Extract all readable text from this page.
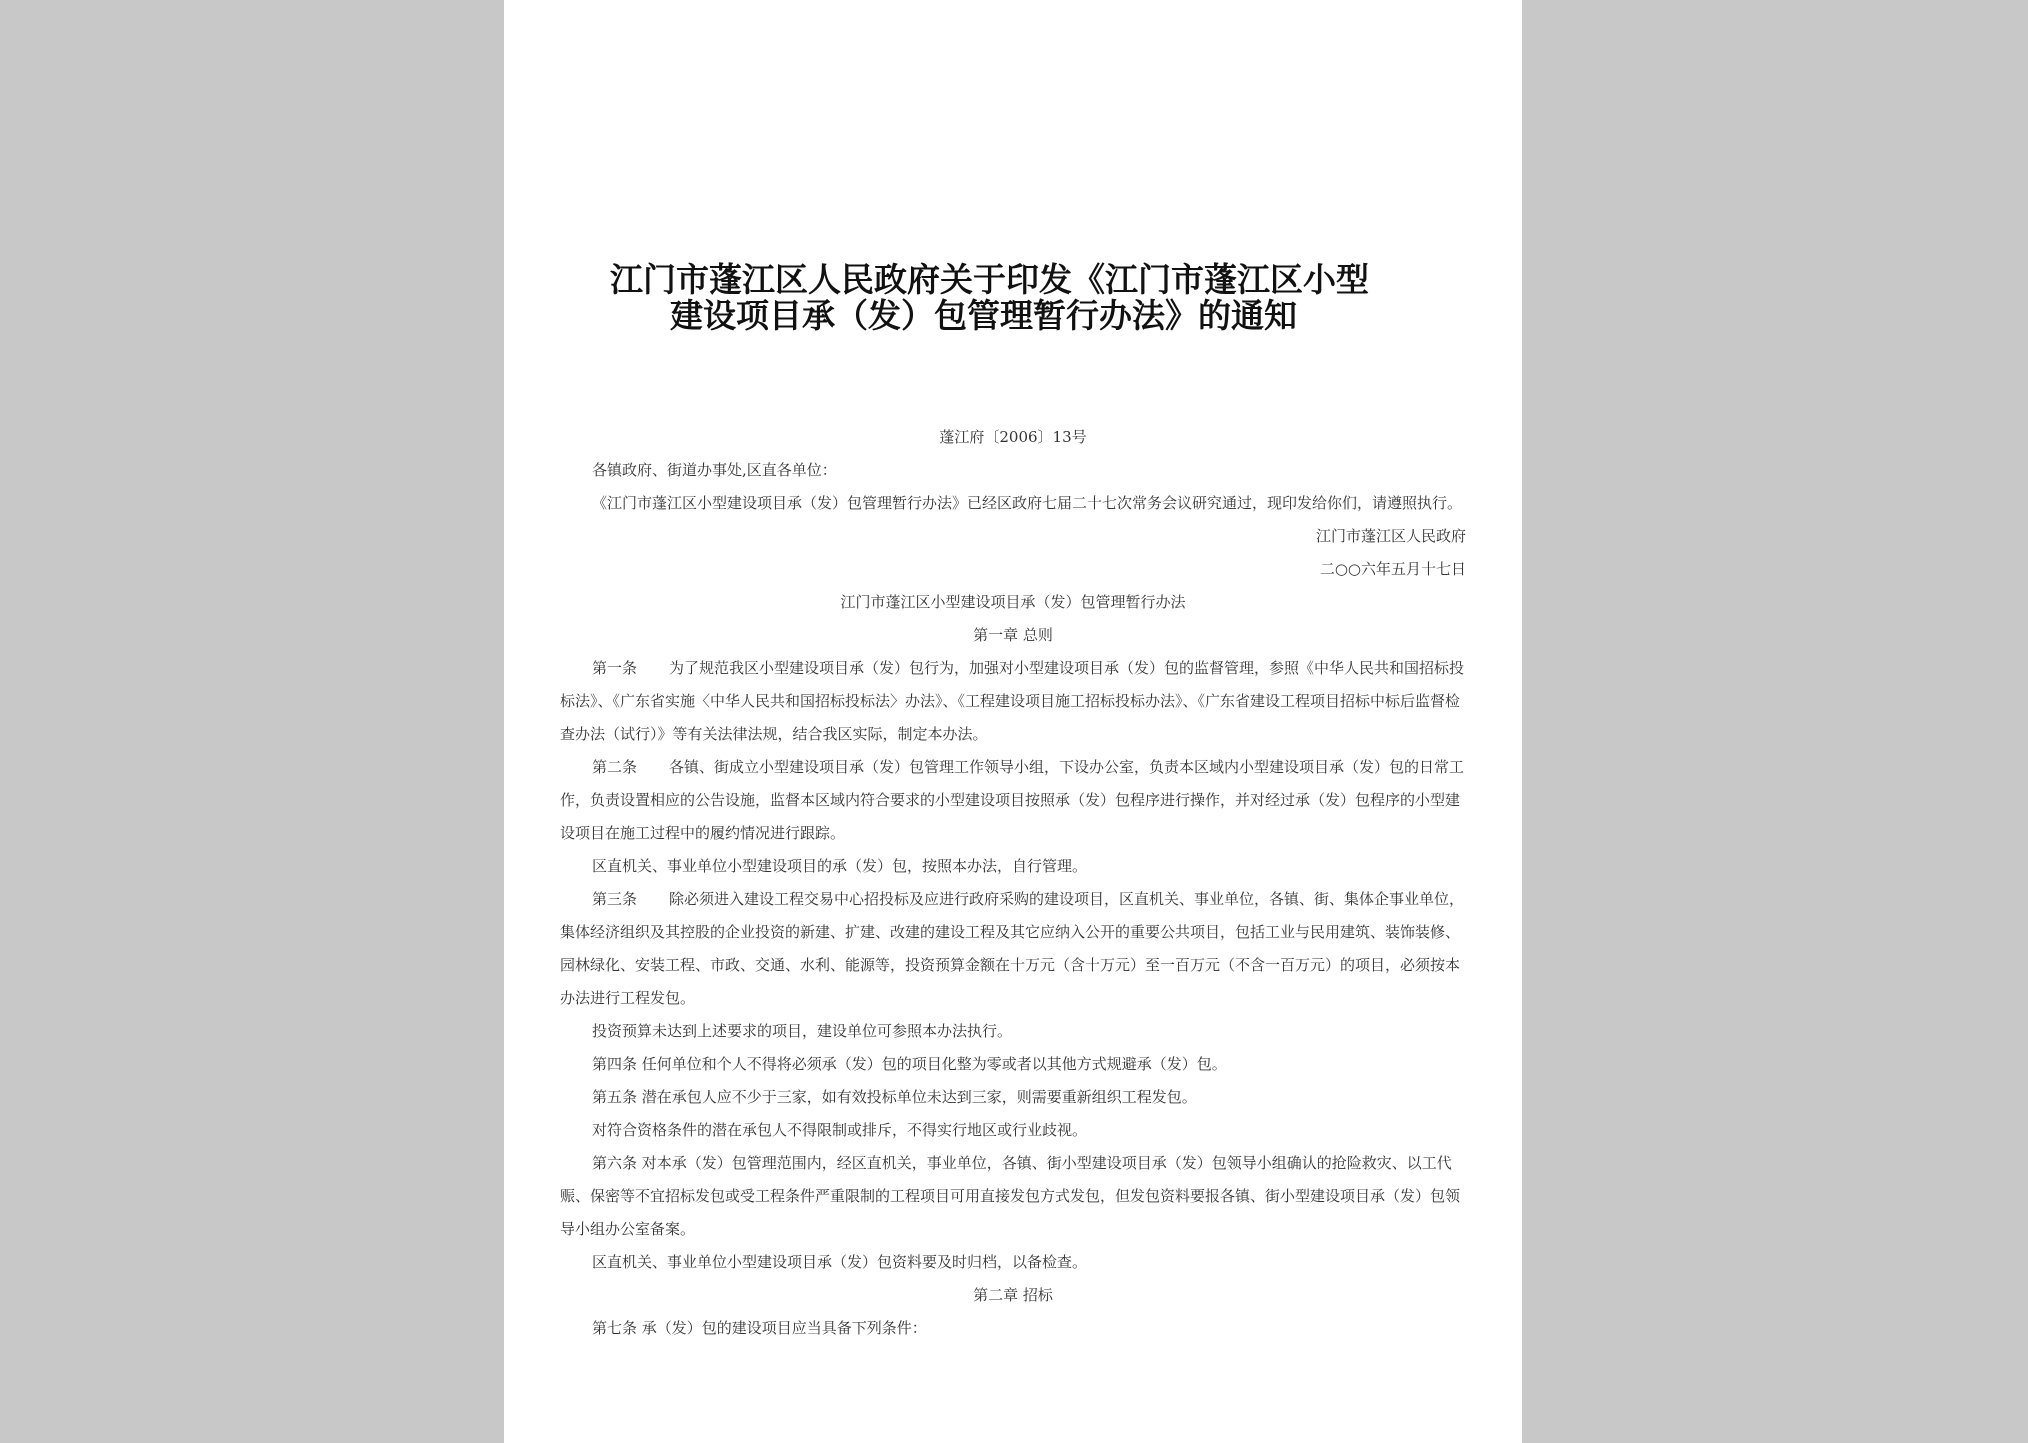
江门市蓬江区人民政府关于印发《江门市蓬江区小型
建设项目承（发）包管理暂行办法》的通知

蓬江府〔2006〕13号

各镇政府、街道办事处,区直各单位：

《江门市蓬江区小型建设项目承（发）包管理暂行办法》已经区政府七届二十七次常务会议研究通过，现印发给你们，请遵照执行。

江门市蓬江区人民政府

二○○六年五月十七日

江门市蓬江区小型建设项目承（发）包管理暂行办法

第一章 总则

第一条 为了规范我区小型建设项目承（发）包行为，加强对小型建设项目承（发）包的监督管理，参照《中华人民共和国招标投标法》、《广东省实施〈中华人民共和国招标投标法〉办法》、《工程建设项目施工招标投标办法》、《广东省建设工程项目招标中标后监督检查办法（试行）》等有关法律法规，结合我区实际，制定本办法。

第二条 各镇、街成立小型建设项目承（发）包管理工作领导小组，下设办公室，负责本区域内小型建设项目承（发）包的日常工作，负责设置相应的公告设施，监督本区域内符合要求的小型建设项目按照承（发）包程序进行操作，并对经过承（发）包程序的小型建设项目在施工过程中的履约情况进行跟踪。

区直机关、事业单位小型建设项目的承（发）包，按照本办法，自行管理。

第三条 除必须进入建设工程交易中心招投标及应进行政府采购的建设项目，区直机关、事业单位，各镇、街、集体企事业单位，集体经济组织及其控股的企业投资的新建、扩建、改建的建设工程及其它应纳入公开的重要公共项目，包括工业与民用建筑、装饰装修、园林绿化、安装工程、市政、交通、水利、能源等，投资预算金额在十万元（含十万元）至一百万元（不含一百万元）的项目，必须按本办法进行工程发包。

投资预算未达到上述要求的项目，建设单位可参照本办法执行。

第四条 任何单位和个人不得将必须承（发）包的项目化整为零或者以其他方式规避承（发）包。

第五条 潜在承包人应不少于三家，如有效投标单位未达到三家，则需要重新组织工程发包。

对符合资格条件的潜在承包人不得限制或排斥，不得实行地区或行业歧视。

第六条 对本承（发）包管理范围内，经区直机关，事业单位，各镇、街小型建设项目承（发）包领导小组确认的抢险救灾、以工代赈、保密等不宜招标发包或受工程条件严重限制的工程项目可用直接发包方式发包，但发包资料要报各镇、街小型建设项目承（发）包领导小组办公室备案。

区直机关、事业单位小型建设项目承（发）包资料要及时归档，以备检查。

第二章 招标

第七条 承（发）包的建设项目应当具备下列条件：
